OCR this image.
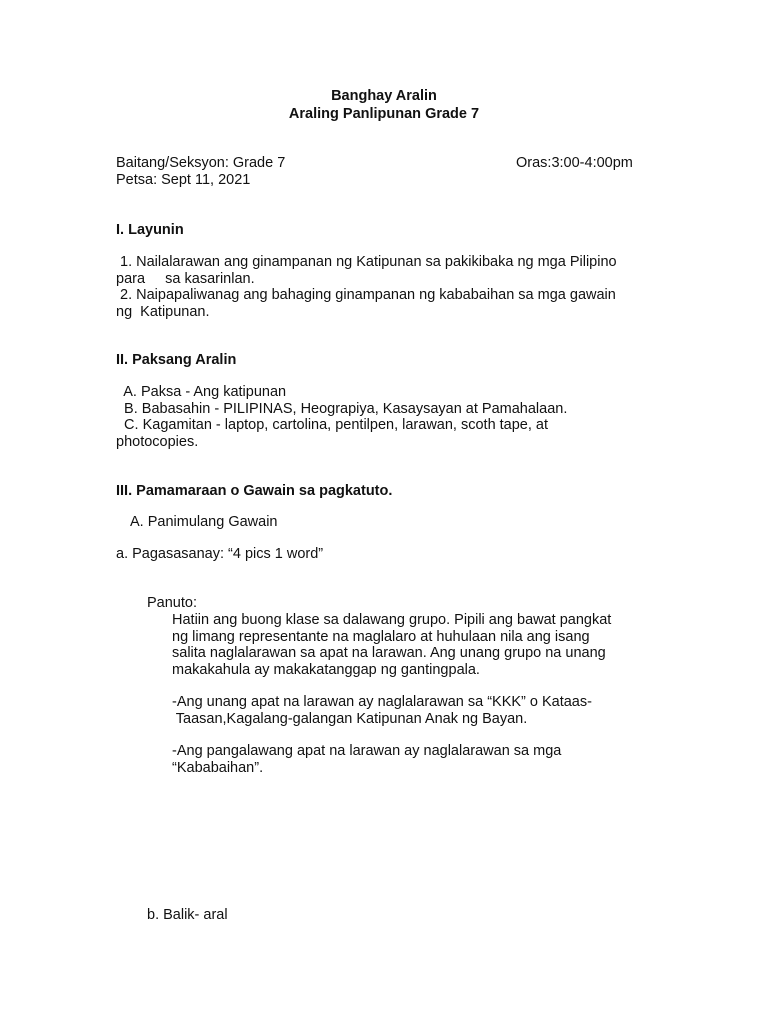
Banghay Aralin
Araling Panlipunan Grade 7
Baitang/Seksyon: Grade 7	Oras:3:00-4:00pm
Petsa: Sept 11, 2021
I. Layunin
1. Nailalarawan ang ginampanan ng Katipunan sa pakikibaka ng mga Pilipino
para     sa kasarinlan.
2. Naipapaliwanag ang bahaging ginampanan ng kababaihan sa mga gawain
ng  Katipunan.
II. Paksang Aralin
A. Paksa - Ang katipunan
B. Babasahin - PILIPINAS, Heograpiya, Kasaysayan at Pamahalaan.
C. Kagamitan - laptop, cartolina, pentilpen, larawan, scoth tape, at
photocopies.
III. Pamamaraan o Gawain sa pagkatuto.
A. Panimulang Gawain
a. Pagasasanay: “4 pics 1 word”
Panuto:
Hatiin ang buong klase sa dalawang grupo. Pipili ang bawat pangkat
ng limang representante na maglalaro at huhulaan nila ang isang
salita naglalarawan sa apat na larawan. Ang unang grupo na unang
makakahula ay makakatanggap ng gantingpala.
-Ang unang apat na larawan ay naglalarawan sa “KKK” o Kataas-
Taasan,Kagalang-galangan Katipunan Anak ng Bayan.
-Ang pangalawang apat na larawan ay naglalarawan sa mga
“Kababaihan”.
b. Balik- aral
